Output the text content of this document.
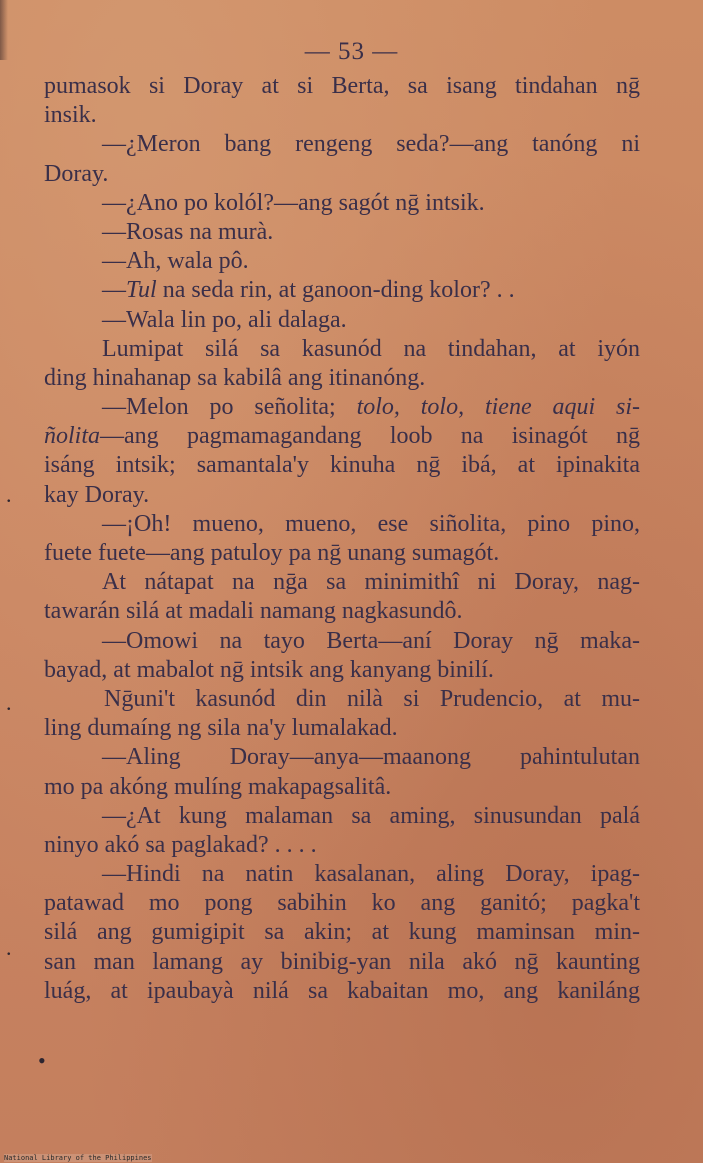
— 53 —
pumasok si Doray at si Berta, sa isang tindahan nḡ
insik.
—¿Meron bang rengeng seda?—ang tanóng ni
Doray.
—¿Ano po kolól?—ang sagót nḡ intsik.
—Rosas na murà.
—Ah, wala pô.
—Tul na seda rin, at ganoon-ding kolor? . .
—Wala lin po, ali dalaga.
Lumipat silá sa kasunód na tindahan, at iyón
ding hinahanap sa kabilâ ang itinanóng.
—Melon po señolita; tolo, tolo, tiene aqui si-
ñolita—ang pagmamagandang loob na isinagót nḡ
isáng intsik; samantala'y kinuha nḡ ibá, at ipinakita
kay Doray.
—¡Oh! mueno, mueno, ese siñolita, pino pino,
fuete fuete—ang patuloy pa nḡ unang sumagót.
At nátapat na nḡa sa minimithî ni Doray, nag-
tawarán silá at madali namang nagkasundô.
—Omowi na tayo Berta—aní Doray nḡ maka-
bayad, at mabalot nḡ intsik ang kanyang binilí.
Nḡuni't kasunód din nilà si Prudencio, at mu-
ling dumaíng ng sila na'y lumalakad.
—Aling Doray—anya—maanong pahintulutan
mo pa akóng mulíng makapagsalitâ.
—¿At kung malaman sa aming, sinusundan palá
ninyo akó sa paglakad? . . . .
—Hindi na natin kasalanan, aling Doray, ipag-
patawad mo pong sabihin ko ang ganitó; pagka't
silá ang gumigipit sa akin; at kung maminsan min-
san man lamang ay binibig-yan nila akó nḡ kaunting
luág, at ipaubayà nilá sa kabaitan mo, ang kaniláng
.
.
.
•
National Library of the Philippines
